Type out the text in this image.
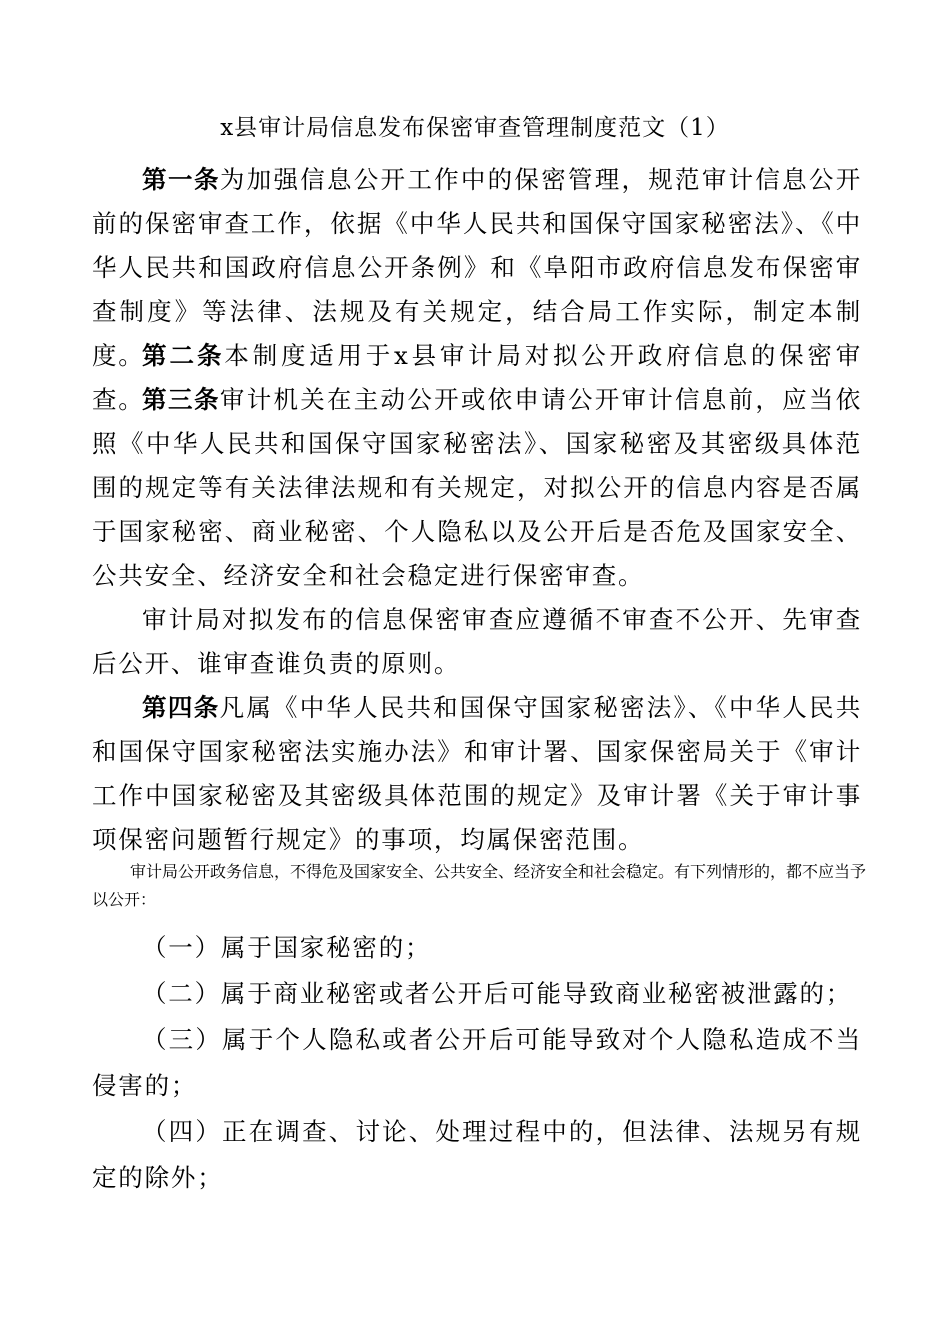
x县审计局信息发布保密审查管理制度范文（1）

第一条为加强信息公开工作中的保密管理，规范审计信息公开前的保密审查工作，依据《中华人民共和国保守国家秘密法》、《中华人民共和国政府信息公开条例》和《阜阳市政府信息发布保密审查制度》等法律、法规及有关规定，结合局工作实际，制定本制度。

第二条本制度适用于x县审计局对拟公开政府信息的保密审查。

第三条审计机关在主动公开或依申请公开审计信息前，应当依照《中华人民共和国保守国家秘密法》、国家秘密及其密级具体范围的规定等有关法律法规和有关规定，对拟公开的信息内容是否属于国家秘密、商业秘密、个人隐私以及公开后是否危及国家安全、公共安全、经济安全和社会稳定进行保密审查。

审计局对拟发布的信息保密审查应遵循不审查不公开、先审查后公开、谁审查谁负责的原则。

第四条凡属《中华人民共和国保守国家秘密法》、《中华人民共和国保守国家秘密法实施办法》和审计署、国家保密局关于《审计工作中国家秘密及其密级具体范围的规定》及审计署《关于审计事项保密问题暂行规定》的事项，均属保密范围。

审计局公开政务信息，不得危及国家安全、公共安全、经济安全和社会稳定。有下列情形的，都不应当予以公开：

（一）属于国家秘密的；

（二）属于商业秘密或者公开后可能导致商业秘密被泄露的；

（三）属于个人隐私或者公开后可能导致对个人隐私造成不当侵害的；

（四）正在调查、讨论、处理过程中的，但法律、法规另有规定的除外；
